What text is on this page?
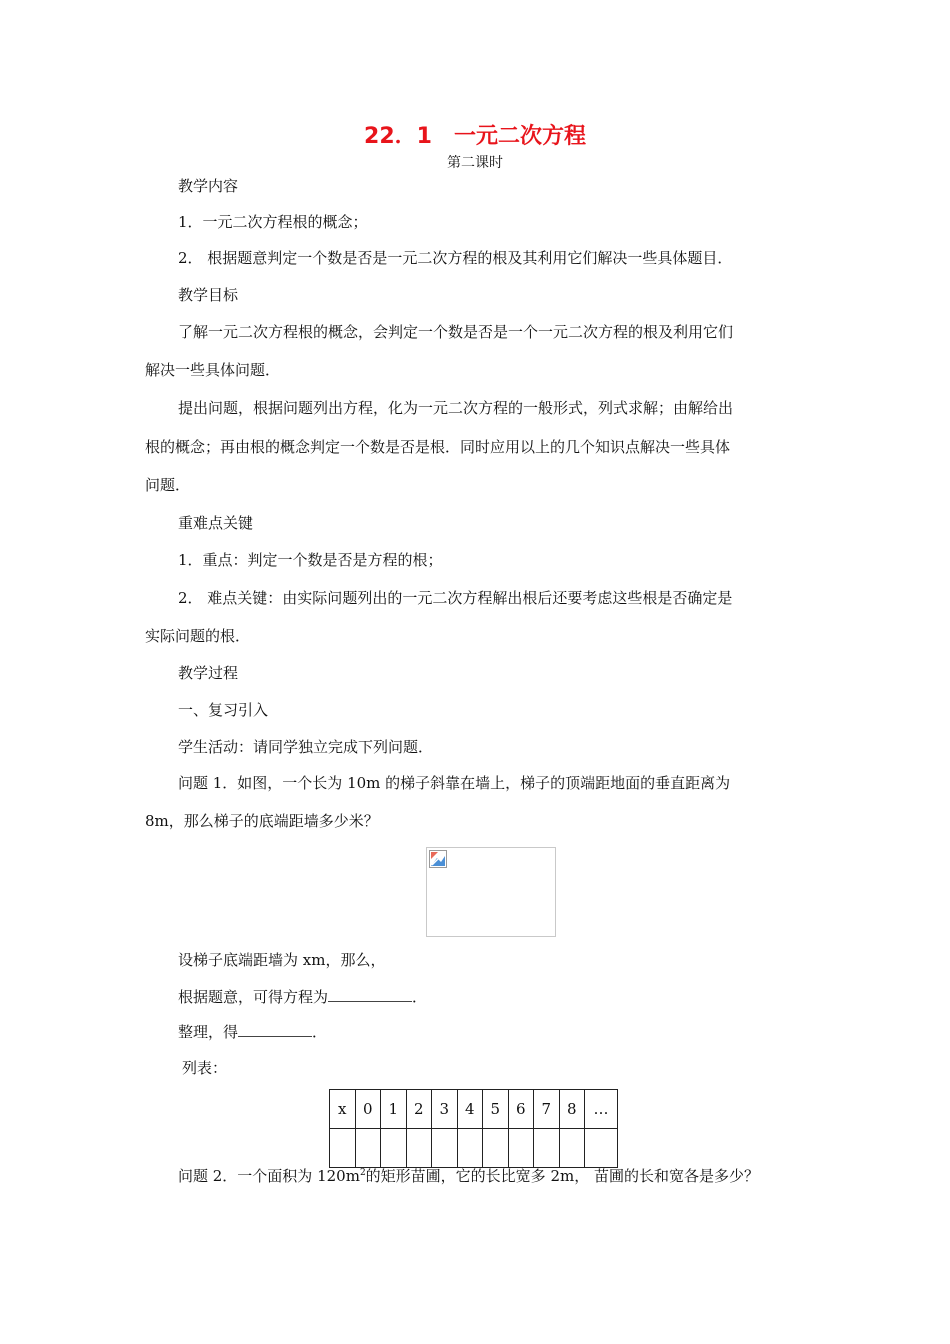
22．1　一元二次方程
第二课时
教学内容
1．一元二次方程根的概念；
2． 根据题意判定一个数是否是一元二次方程的根及其利用它们解决一些具体题目．
教学目标
了解一元二次方程根的概念，会判定一个数是否是一个一元二次方程的根及利用它们
解决一些具体问题．
提出问题，根据问题列出方程，化为一元二次方程的一般形式，列式求解；由解给出
根的概念；再由根的概念判定一个数是否是根．同时应用以上的几个知识点解决一些具体
问题．
重难点关键
1．重点：判定一个数是否是方程的根；
2． 难点关键：由实际问题列出的一元二次方程解出根后还要考虑这些根是否确定是
实际问题的根．
教学过程
一、复习引入
学生活动：请同学独立完成下列问题．
问题 1．如图，一个长为 10m 的梯子斜靠在墙上，梯子的顶端距地面的垂直距离为
8m，那么梯子的底端距墙多少米？
设梯子底端距墙为 xm，那么，
根据题意，可得方程为	．
整理，得	．
列表：
x	0	1	2	3	4	5	6	7	8	…

问题 2．一个面积为 $120m^2$的矩形苗圃，它的长比宽多 2m， 苗圃的长和宽各是多少？
